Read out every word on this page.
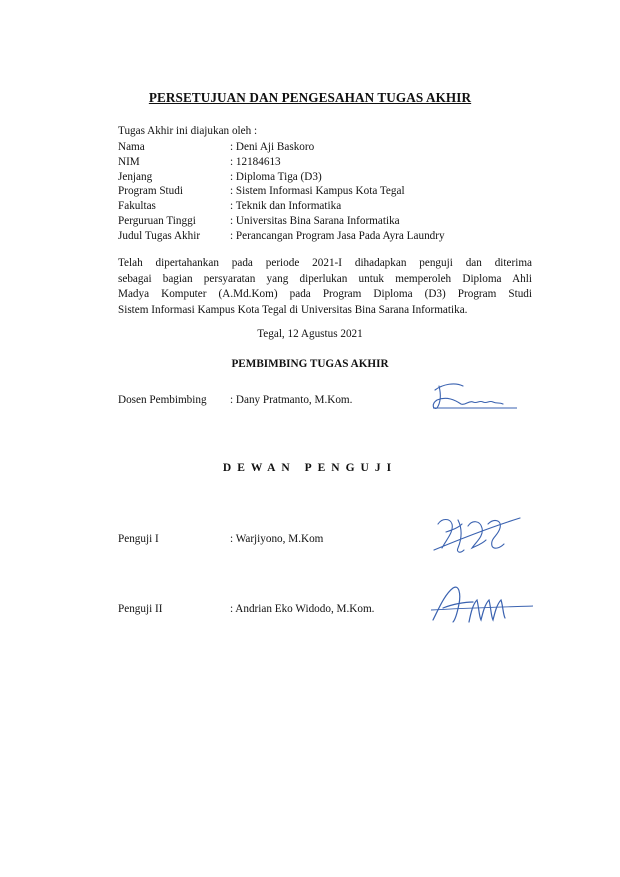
PERSETUJUAN DAN PENGESAHAN TUGAS AKHIR
Tugas Akhir ini diajukan oleh :
Nama	: Deni Aji Baskoro
NIM	: 12184613
Jenjang	: Diploma Tiga (D3)
Program Studi	: Sistem Informasi Kampus Kota Tegal
Fakultas	: Teknik dan Informatika
Perguruan Tinggi	: Universitas Bina Sarana Informatika
Judul Tugas Akhir	: Perancangan Program Jasa Pada Ayra Laundry
Telah dipertahankan pada periode 2021-I dihadapkan penguji dan diterima
sebagai bagian persyaratan yang diperlukan untuk memperoleh Diploma Ahli
Madya Komputer (A.Md.Kom) pada Program Diploma (D3) Program Studi
Sistem Informasi Kampus Kota Tegal di Universitas Bina Sarana Informatika.
Tegal, 12 Agustus 2021
PEMBIMBING TUGAS AKHIR
Dosen Pembimbing	: Dany Pratmanto, M.Kom.
DEWAN PENGUJI
Penguji I	: Warjiyono, M.Kom
Penguji II	: Andrian Eko Widodo, M.Kom.
